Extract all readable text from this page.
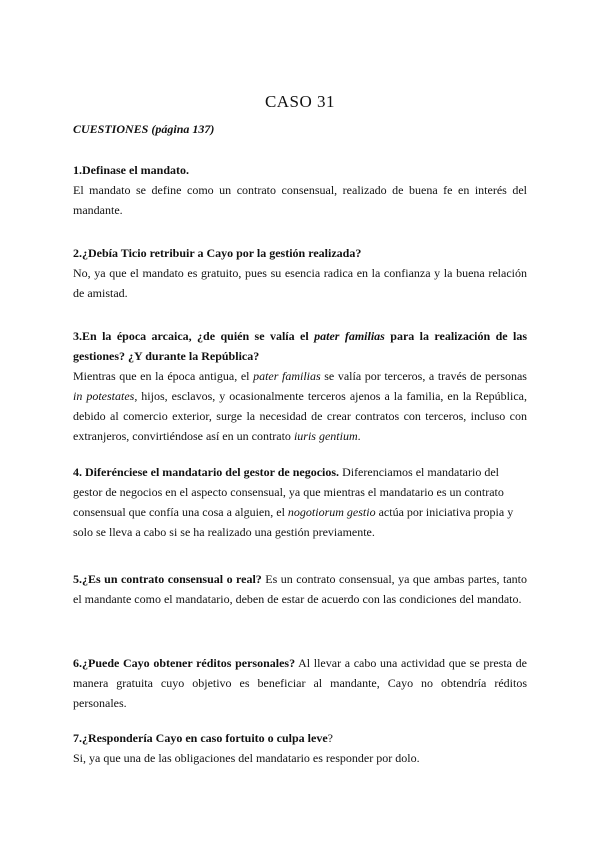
CASO 31

CUESTIONES (página 137)

1.Definase el mandato.
El mandato se define como un contrato consensual, realizado de buena fe en interés del mandante.
2.¿Debía Ticio retribuir a Cayo por la gestión realizada?
No, ya que el mandato es gratuito, pues su esencia radica en la confianza y la buena relación de amistad.
3.En la época arcaica, ¿de quién se valía el pater familias para la realización de las gestiones? ¿Y durante la República?
Mientras que en la época antigua, el pater familias se valía por terceros, a través de personas in potestates, hijos, esclavos, y ocasionalmente terceros ajenos a la familia, en la República, debido al comercio exterior, surge la necesidad de crear contratos con terceros, incluso con extranjeros, convirtiéndose así en un contrato iuris gentium.
4. Diferénciese el mandatario del gestor de negocios. Diferenciamos el mandatario del gestor de negocios en el aspecto consensual, ya que mientras el mandatario es un contrato consensual que confía una cosa a alguien, el nogotiorum gestio actúa por iniciativa propia y solo se lleva a cabo si se ha realizado una gestión previamente.
5.¿Es un contrato consensual o real? Es un contrato consensual, ya que ambas partes, tanto el mandante como el mandatario, deben de estar de acuerdo con las condiciones del mandato.
6.¿Puede Cayo obtener réditos personales? Al llevar a cabo una actividad que se presta de manera gratuita cuyo objetivo es beneficiar al mandante, Cayo no obtendría réditos personales.
7.¿Respondería Cayo en caso fortuito o culpa leve?
Si, ya que una de las obligaciones del mandatario es responder por dolo.
